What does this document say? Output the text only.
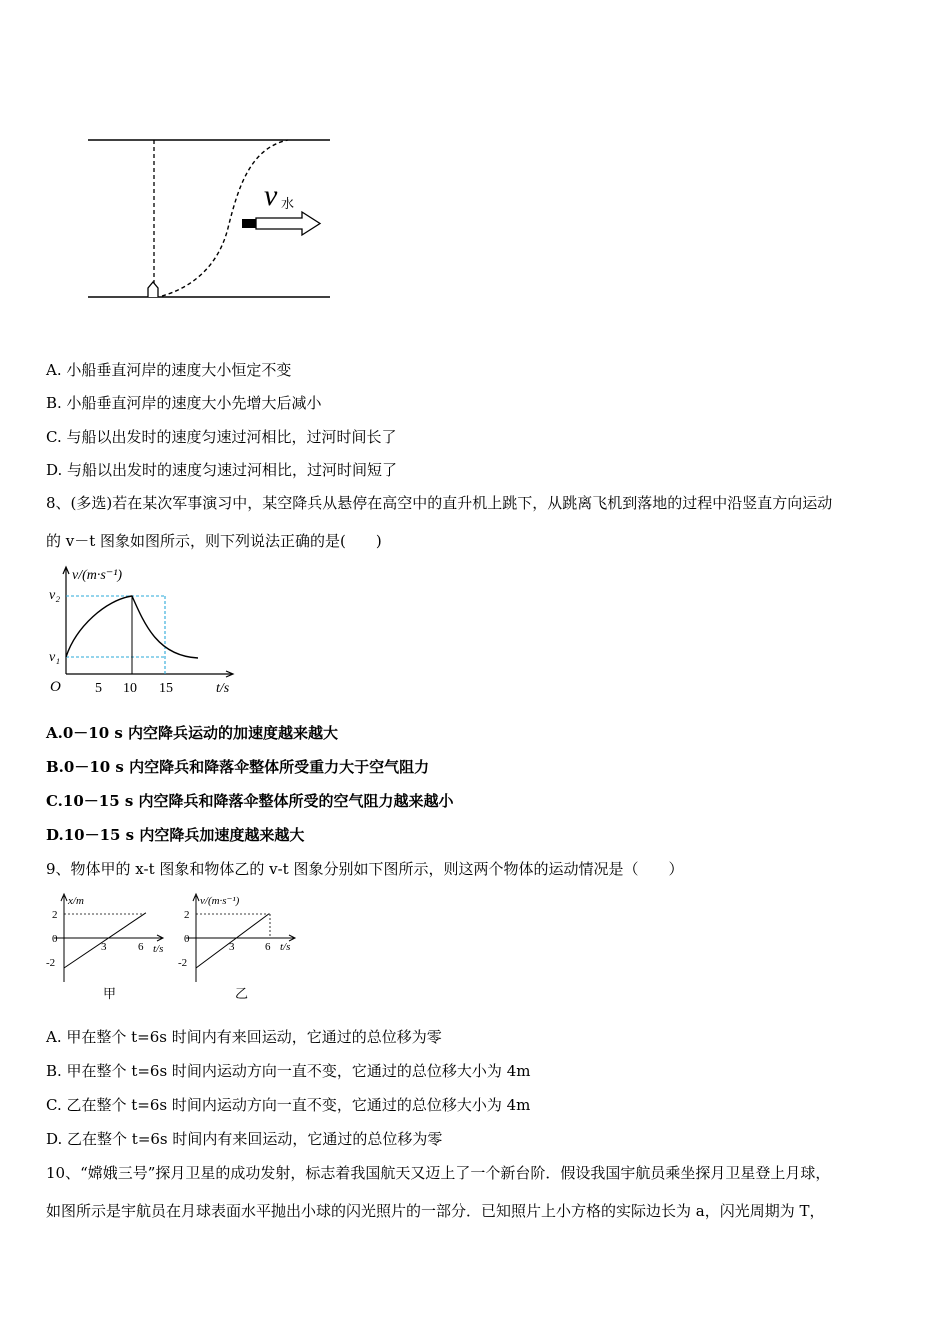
v 水
A. 小船垂直河岸的速度大小恒定不变
B. 小船垂直河岸的速度大小先增大后减小
C. 与船以出发时的速度匀速过河相比，过河时间长了
D. 与船以出发时的速度匀速过河相比，过河时间短了
8、(多选)若在某次军事演习中，某空降兵从悬停在高空中的直升机上跳下，从跳离飞机到落地的过程中沿竖直方向运动
的 v－t 图象如图所示，则下列说法正确的是(　　)
v/(m·s⁻¹)
t/s
O
v₁
v₂
5 10 15
A.0－10 s 内空降兵运动的加速度越来越大
B.0－10 s 内空降兵和降落伞整体所受重力大于空气阻力
C.10－15 s 内空降兵和降落伞整体所受的空气阻力越来越小
D.10－15 s 内空降兵加速度越来越大
9、物体甲的 x-t 图象和物体乙的 v-t 图象分别如下图所示，则这两个物体的运动情况是（　　）
x/m
t/s
2
0
-2
3	6
甲
v/(m·s⁻¹)
t/s
2
0
-2
3	6
乙
A. 甲在整个 t=6s 时间内有来回运动，它通过的总位移为零
B. 甲在整个 t=6s 时间内运动方向一直不变，它通过的总位移大小为 4m
C. 乙在整个 t=6s 时间内运动方向一直不变，它通过的总位移大小为 4m
D. 乙在整个 t=6s 时间内有来回运动，它通过的总位移为零
10、“嫦娥三号”探月卫星的成功发射，标志着我国航天又迈上了一个新台阶．假设我国宇航员乘坐探月卫星登上月球，
如图所示是宇航员在月球表面水平抛出小球的闪光照片的一部分．已知照片上小方格的实际边长为 a，闪光周期为 T，
